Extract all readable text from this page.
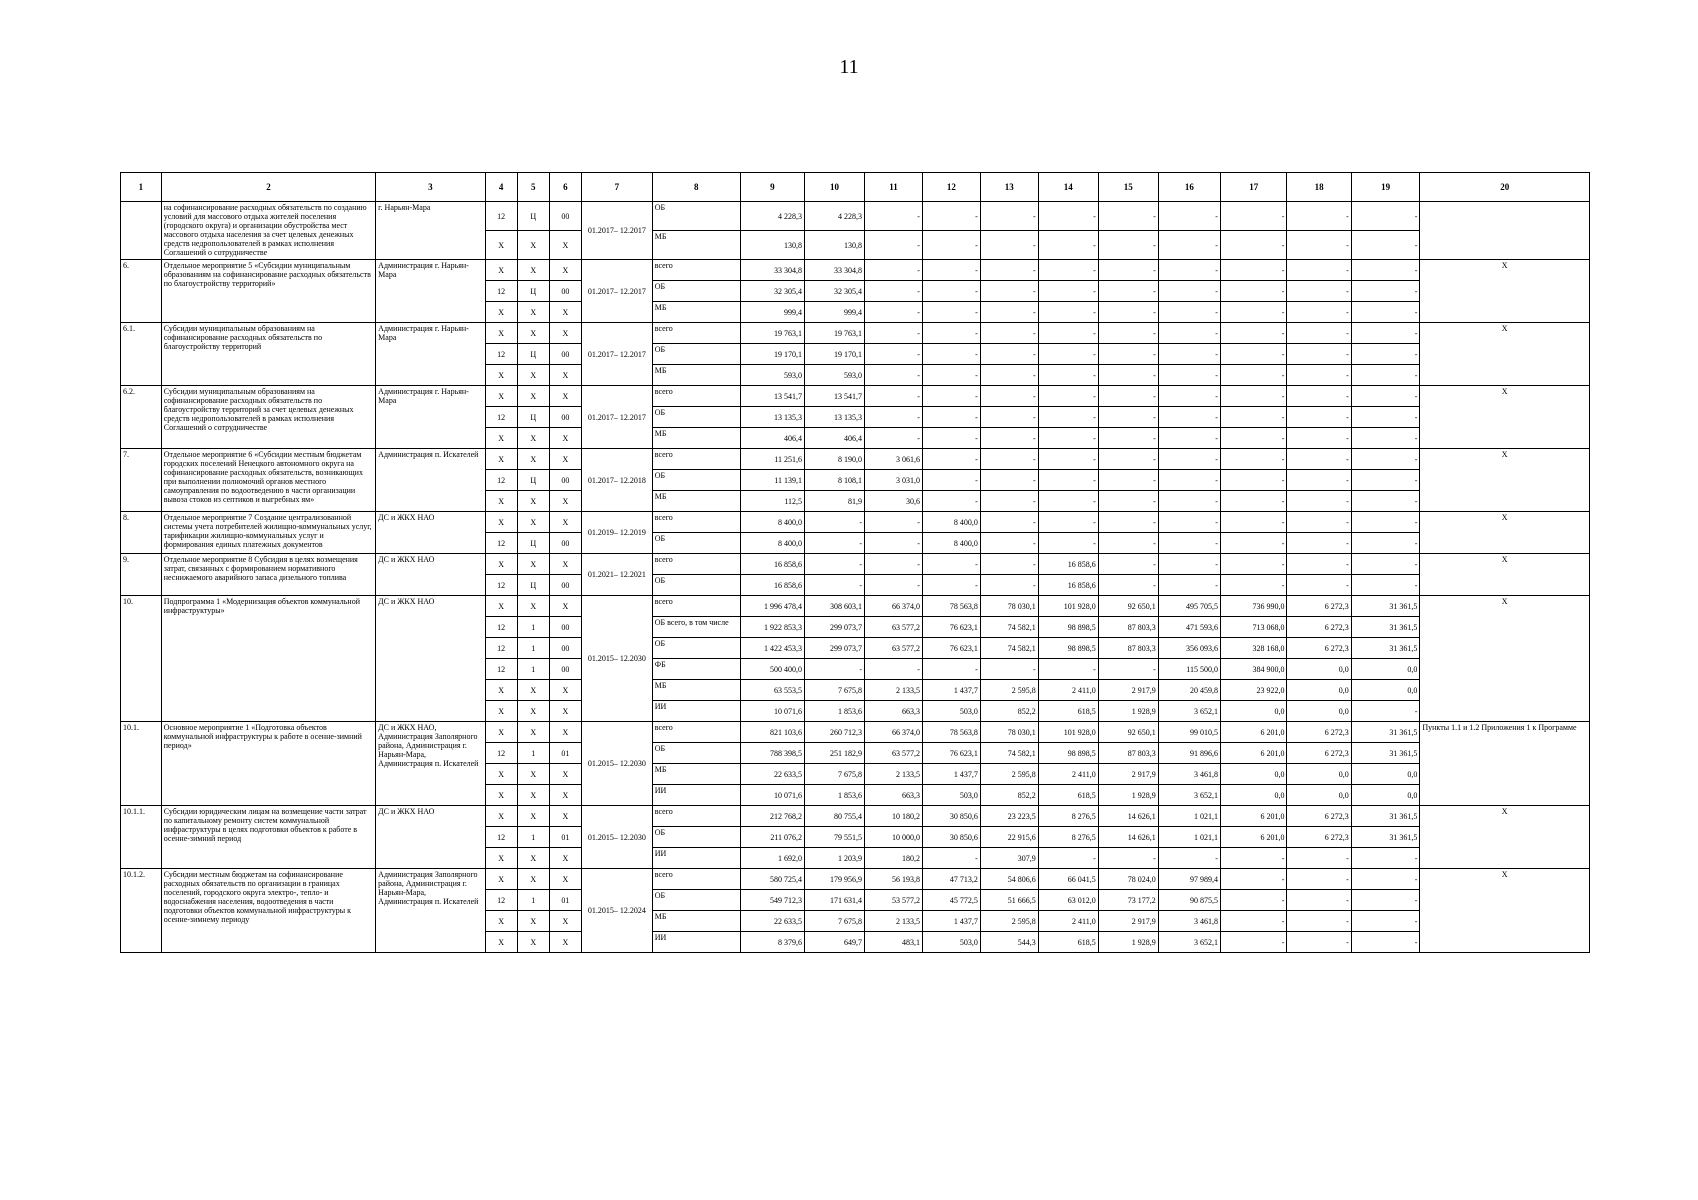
11
1	2	3	4	5	6	7	8	9	10	11	12	13	14	15	16	17	18	19	20
	на софинансирование расходных обязательств по созданию условий для массового отдыха жителей поселения (городского округа) и организации обустройства мест массового отдыха населения за счет целевых денежных средств недропользователей в рамках исполнения Соглашений о сотрудничестве	г. Нарьян-Мара	12	Ц	00	01.2017– 12.2017	ОБ	4 228,3	4 228,3	-	-	-	-	-	-	-	-	-	
			Х	Х	Х		МБ	130,8	130,8	-	-	-	-	-	-	-	-	-	
6.	Отдельное мероприятие 5 «Субсидии муниципальным образованиям на софинансирование расходных обязательств по благоустройству территорий»	Администрация г. Нарьян-Мара	Х	Х	Х	01.2017– 12.2017	всего	33 304,8	33 304,8	-	-	-	-	-	-	-	-	-	Х
			12	Ц	00		ОБ	32 305,4	32 305,4	-	-	-	-	-	-	-	-	-	
			Х	Х	Х		МБ	999,4	999,4	-	-	-	-	-	-	-	-	-	
6.1.	Субсидии муниципальным образованиям на софинансирование расходных обязательств по благоустройству территорий	Администрация г. Нарьян-Мара	Х	Х	Х	01.2017– 12.2017	всего	19 763,1	19 763,1	-	-	-	-	-	-	-	-	-	Х
			12	Ц	00		ОБ	19 170,1	19 170,1	-	-	-	-	-	-	-	-	-	
			Х	Х	Х		МБ	593,0	593,0	-	-	-	-	-	-	-	-	-	
6.2.	Субсидии муниципальным образованиям на софинансирование расходных обязательств по благоустройству территорий за счет целевых денежных средств недропользователей в рамках исполнения Соглашений о сотрудничестве	Администрация г. Нарьян-Мара	Х	Х	Х	01.2017– 12.2017	всего	13 541,7	13 541,7	-	-	-	-	-	-	-	-	-	Х
			12	Ц	00		ОБ	13 135,3	13 135,3	-	-	-	-	-	-	-	-	-	
			Х	Х	Х		МБ	406,4	406,4	-	-	-	-	-	-	-	-	-	
7.	Отдельное мероприятие 6 «Субсидии местным бюджетам городских поселений Ненецкого автономного округа на софинансирование расходных обязательств, возникающих при выполнении полномочий органов местного самоуправления по водоотведению в части организации вывоза стоков из септиков и выгребных ям»	Администрация п. Искателей	Х	Х	Х	01.2017– 12.2018	всего	11 251,6	8 190,0	3 061,6	-	-	-	-	-	-	-	-	Х
			12	Ц	00		ОБ	11 139,1	8 108,1	3 031,0	-	-	-	-	-	-	-	-	
			Х	Х	Х		МБ	112,5	81,9	30,6	-	-	-	-	-	-	-	-	
8.	Отдельное мероприятие 7 Создание централизованной системы учета потребителей жилищно-коммунальных услуг, тарификации жилищно-коммунальных услуг и формирования единых платежных документов	ДС и ЖКХ НАО	Х	Х	Х	01.2019– 12.2019	всего	8 400,0	-	-	8 400,0	-	-	-	-	-	-	-	Х
			12	Ц	00		ОБ	8 400,0	-	-	8 400,0	-	-	-	-	-	-	-	
9.	Отдельное мероприятие 8 Субсидия в целях возмещения затрат, связанных с формированием нормативного неснижаемого аварийного запаса дизельного топлива	ДС и ЖКХ НАО	Х	Х	Х	01.2021– 12.2021	всего	16 858,6	-	-	-	-	16 858,6	-	-	-	-	-	Х
			12	Ц	00		ОБ	16 858,6	-	-	-	-	16 858,6	-	-	-	-	-	
10.	Подпрограмма 1 «Модернизация объектов коммунальной инфраструктуры»	ДС и ЖКХ НАО	Х	Х	Х	01.2015– 12.2030	всего	1 996 478,4	308 603,1	66 374,0	78 563,8	78 030,1	101 928,0	92 650,1	495 705,5	736 990,0	6 272,3	31 361,5	Х
			12	1	00		ОБ всего, в том числе	1 922 853,3	299 073,7	63 577,2	76 623,1	74 582,1	98 898,5	87 803,3	471 593,6	713 068,0	6 272,3	31 361,5	
			12	1	00		ОБ	1 422 453,3	299 073,7	63 577,2	76 623,1	74 582,1	98 898,5	87 803,3	356 093,6	328 168,0	6 272,3	31 361,5	
			12	1	00		ФБ	500 400,0	-	-	-	-	-	-	115 500,0	384 900,0	0,0	0,0	
			Х	Х	Х		МБ	63 553,5	7 675,8	2 133,5	1 437,7	2 595,8	2 411,0	2 917,9	20 459,8	23 922,0	0,0	0,0	
			Х	Х	Х		ИИ	10 071,6	1 853,6	663,3	503,0	852,2	618,5	1 928,9	3 652,1	0,0	0,0	-	
10.1.	Основное мероприятие 1 «Подготовка объектов коммунальной инфраструктуры к работе в осенне-зимний период»	ДС и ЖКХ НАО, Администрация Заполярного района, Администрация г. Нарьян-Мара, Администрация п. Искателей	Х	Х	Х	01.2015– 12.2030	всего	821 103,6	260 712,3	66 374,0	78 563,8	78 030,1	101 928,0	92 650,1	99 010,5	6 201,0	6 272,3	31 361,5	Пункты 1.1 и 1.2 Приложения 1 к Программе
			12	1	01		ОБ	788 398,5	251 182,9	63 577,2	76 623,1	74 582,1	98 898,5	87 803,3	91 896,6	6 201,0	6 272,3	31 361,5	
			Х	Х	Х		МБ	22 633,5	7 675,8	2 133,5	1 437,7	2 595,8	2 411,0	2 917,9	3 461,8	0,0	0,0	0,0	
			Х	Х	Х		ИИ	10 071,6	1 853,6	663,3	503,0	852,2	618,5	1 928,9	3 652,1	0,0	0,0	0,0	
10.1.1.	Субсидии юридическим лицам на возмещение части затрат по капитальному ремонту систем коммунальной инфраструктуры в целях подготовки объектов к работе в осенне-зимний период	ДС и ЖКХ НАО	Х	Х	Х	01.2015– 12.2030	всего	212 768,2	80 755,4	10 180,2	30 850,6	23 223,5	8 276,5	14 626,1	1 021,1	6 201,0	6 272,3	31 361,5	Х
			12	1	01		ОБ	211 076,2	79 551,5	10 000,0	30 850,6	22 915,6	8 276,5	14 626,1	1 021,1	6 201,0	6 272,3	31 361,5	
			Х	Х	Х		ИИ	1 692,0	1 203,9	180,2	-	307,9	-	-	-	-	-	-	
10.1.2.	Субсидии местным бюджетам на софинансирование расходных обязательств по организации в границах поселений, городского округа электро-, тепло- и водоснабжения населения, водоотведения в части подготовки объектов коммунальной инфраструктуры к осенне-зимнему периоду	Администрация Заполярного района, Администрация г. Нарьян-Мара, Администрация п. Искателей	Х	Х	Х	01.2015– 12.2024	всего	580 725,4	179 956,9	56 193,8	47 713,2	54 806,6	66 041,5	78 024,0	97 989,4	-	-	-	Х
			12	1	01		ОБ	549 712,3	171 631,4	53 577,2	45 772,5	51 666,5	63 012,0	73 177,2	90 875,5	-	-	-	
			Х	Х	Х		МБ	22 633,5	7 675,8	2 133,5	1 437,7	2 595,8	2 411,0	2 917,9	3 461,8	-	-	-	
			Х	Х	Х		ИИ	8 379,6	649,7	483,1	503,0	544,3	618,5	1 928,9	3 652,1	-	-	-	
